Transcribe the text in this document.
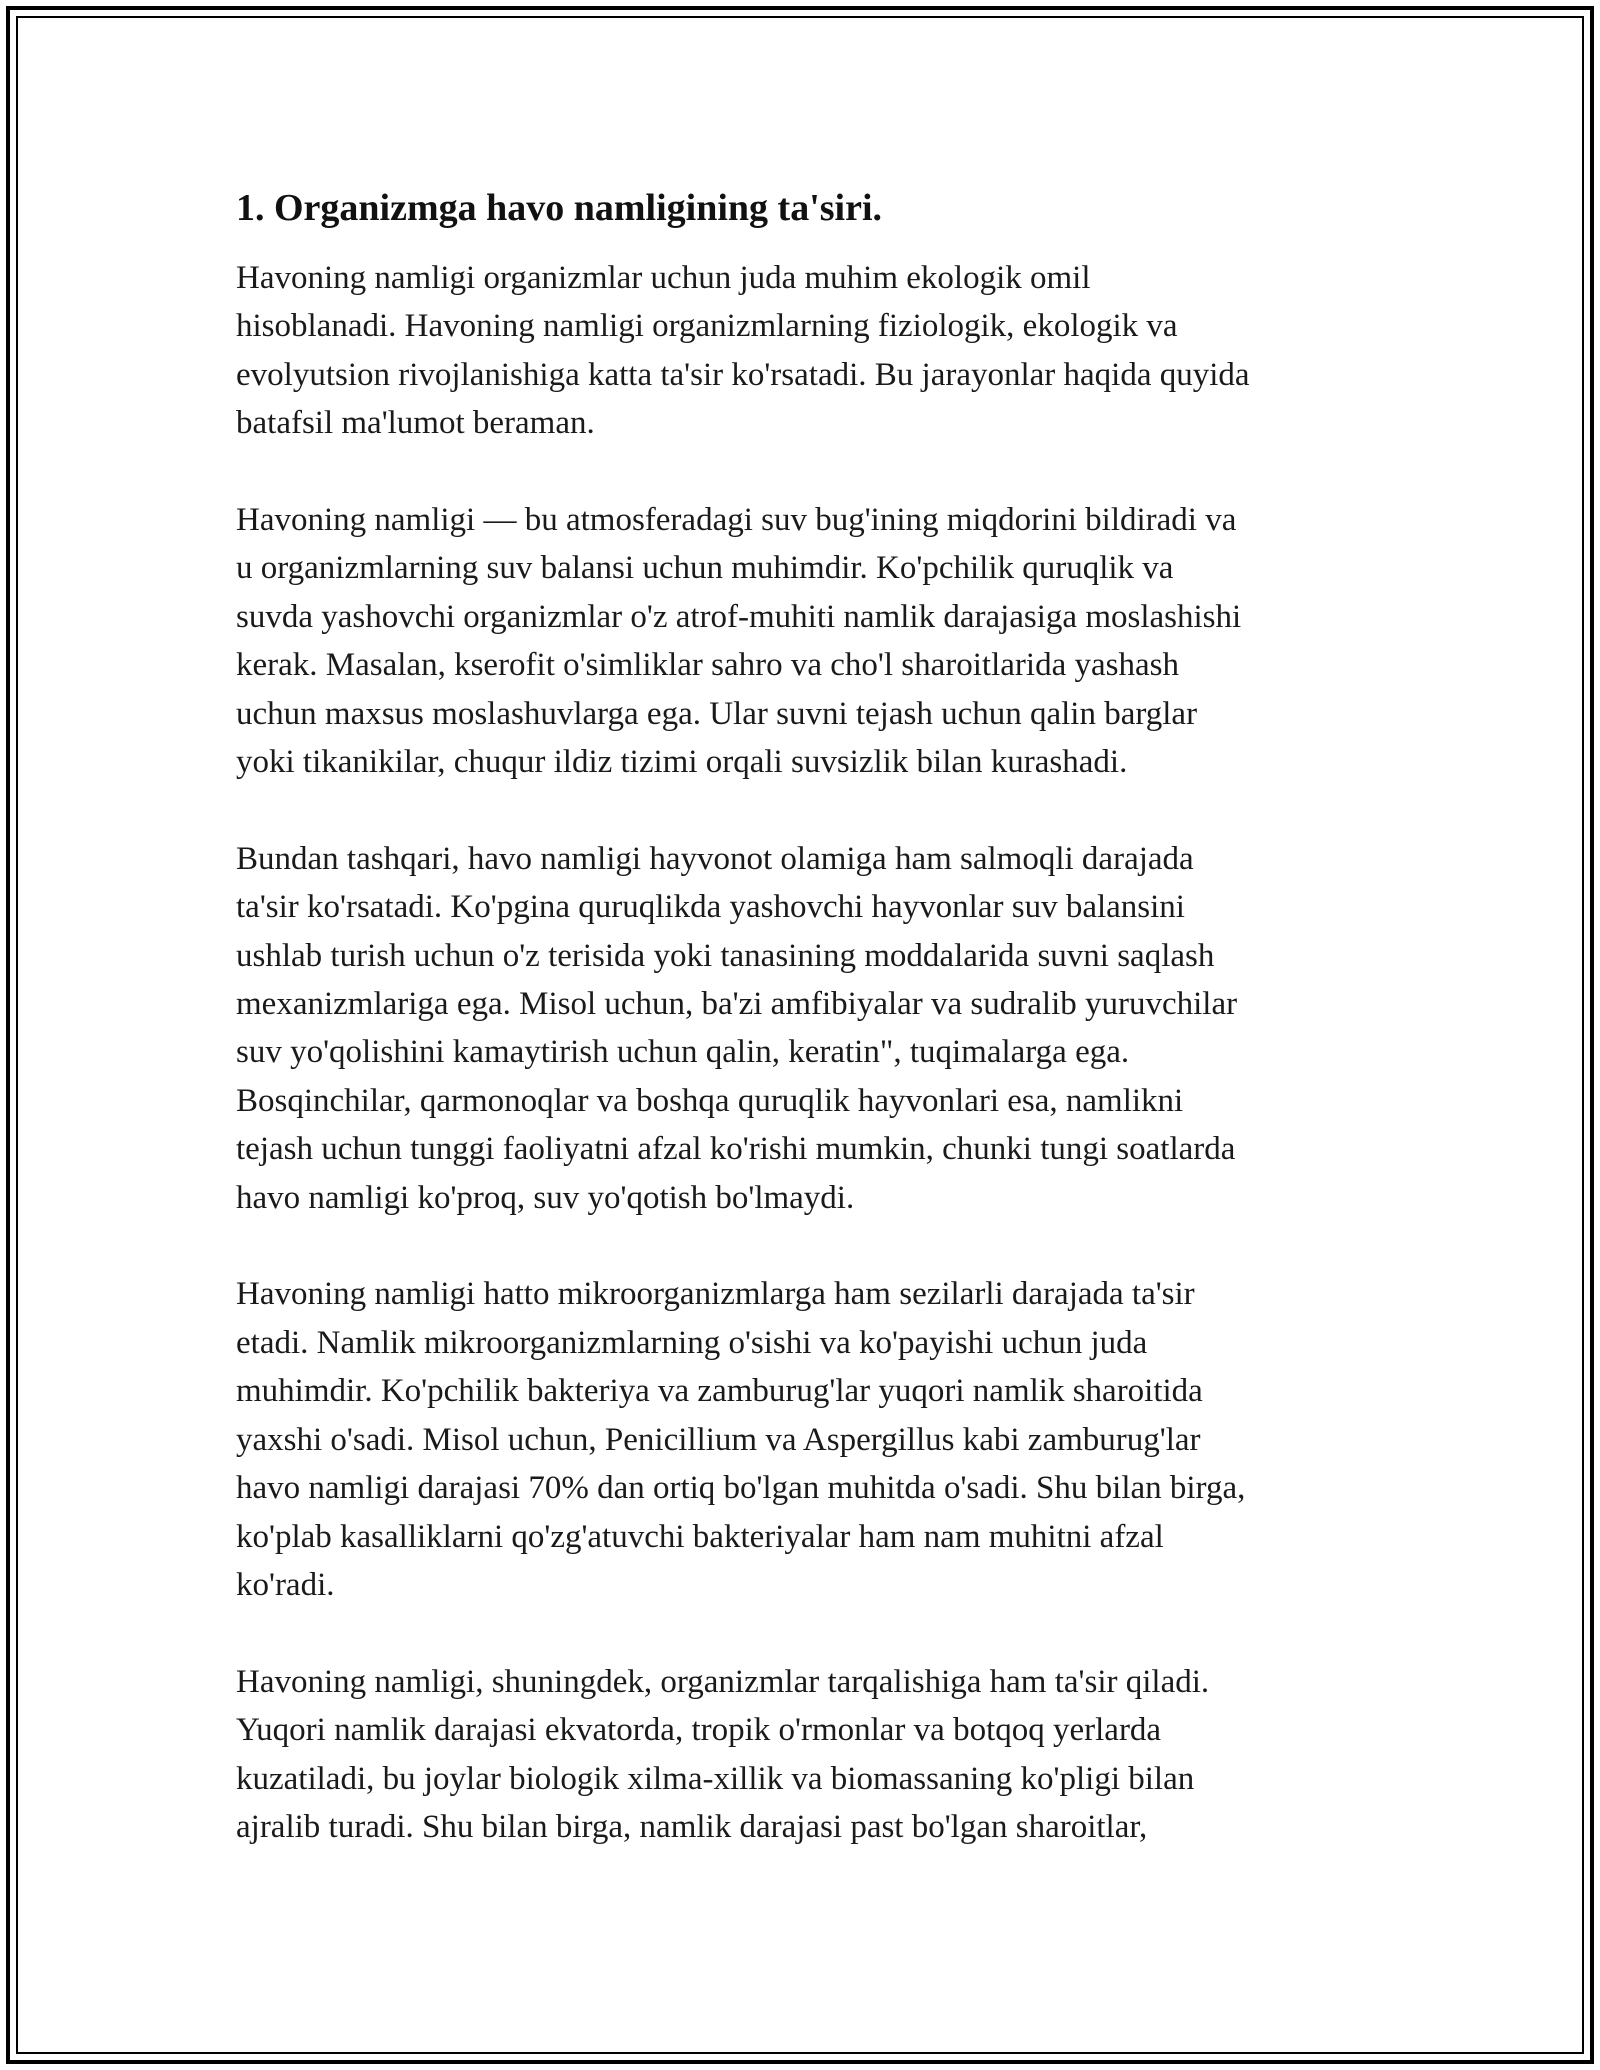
1. Organizmga havo namligining ta'siri.

Havoning namligi organizmlar uchun juda muhim ekologik omil
hisoblanadi. Havoning namligi organizmlarning fiziologik, ekologik va
evolyutsion rivojlanishiga katta ta'sir ko'rsatadi. Bu jarayonlar haqida quyida
batafsil ma'lumot beraman.

Havoning namligi — bu atmosferadagi suv bug'ining miqdorini bildiradi va
u organizmlarning suv balansi uchun muhimdir. Ko'pchilik quruqlik va
suvda yashovchi organizmlar o'z atrof-muhiti namlik darajasiga moslashishi
kerak. Masalan, kserofit o'simliklar sahro va cho'l sharoitlarida yashash
uchun maxsus moslashuvlarga ega. Ular suvni tejash uchun qalin barglar
yoki tikanikilar, chuqur ildiz tizimi orqali suvsizlik bilan kurashadi.

Bundan tashqari, havo namligi hayvonot olamiga ham salmoqli darajada
ta'sir ko'rsatadi. Ko'pgina quruqlikda yashovchi hayvonlar suv balansini
ushlab turish uchun o'z terisida yoki tanasining moddalarida suvni saqlash
mexanizmlariga ega. Misol uchun, ba'zi amfibiyalar va sudralib yuruvchilar
suv yo'qolishini kamaytirish uchun qalin, keratin", tuqimalarga ega.
Bosqinchilar, qarmonoqlar va boshqa quruqlik hayvonlari esa, namlikni
tejash uchun tunggi faoliyatni afzal ko'rishi mumkin, chunki tungi soatlarda
havo namligi ko'proq, suv yo'qotish bo'lmaydi.

Havoning namligi hatto mikroorganizmlarga ham sezilarli darajada ta'sir
etadi. Namlik mikroorganizmlarning o'sishi va ko'payishi uchun juda
muhimdir. Ko'pchilik bakteriya va zamburug'lar yuqori namlik sharoitida
yaxshi o'sadi. Misol uchun, Penicillium va Aspergillus kabi zamburug'lar
havo namligi darajasi 70% dan ortiq bo'lgan muhitda o'sadi. Shu bilan birga,
ko'plab kasalliklarni qo'zg'atuvchi bakteriyalar ham nam muhitni afzal
ko'radi.

Havoning namligi, shuningdek, organizmlar tarqalishiga ham ta'sir qiladi.
Yuqori namlik darajasi ekvatorda, tropik o'rmonlar va botqoq yerlarda
kuzatiladi, bu joylar biologik xilma-xillik va biomassaning ko'pligi bilan
ajralib turadi. Shu bilan birga, namlik darajasi past bo'lgan sharoitlar,
